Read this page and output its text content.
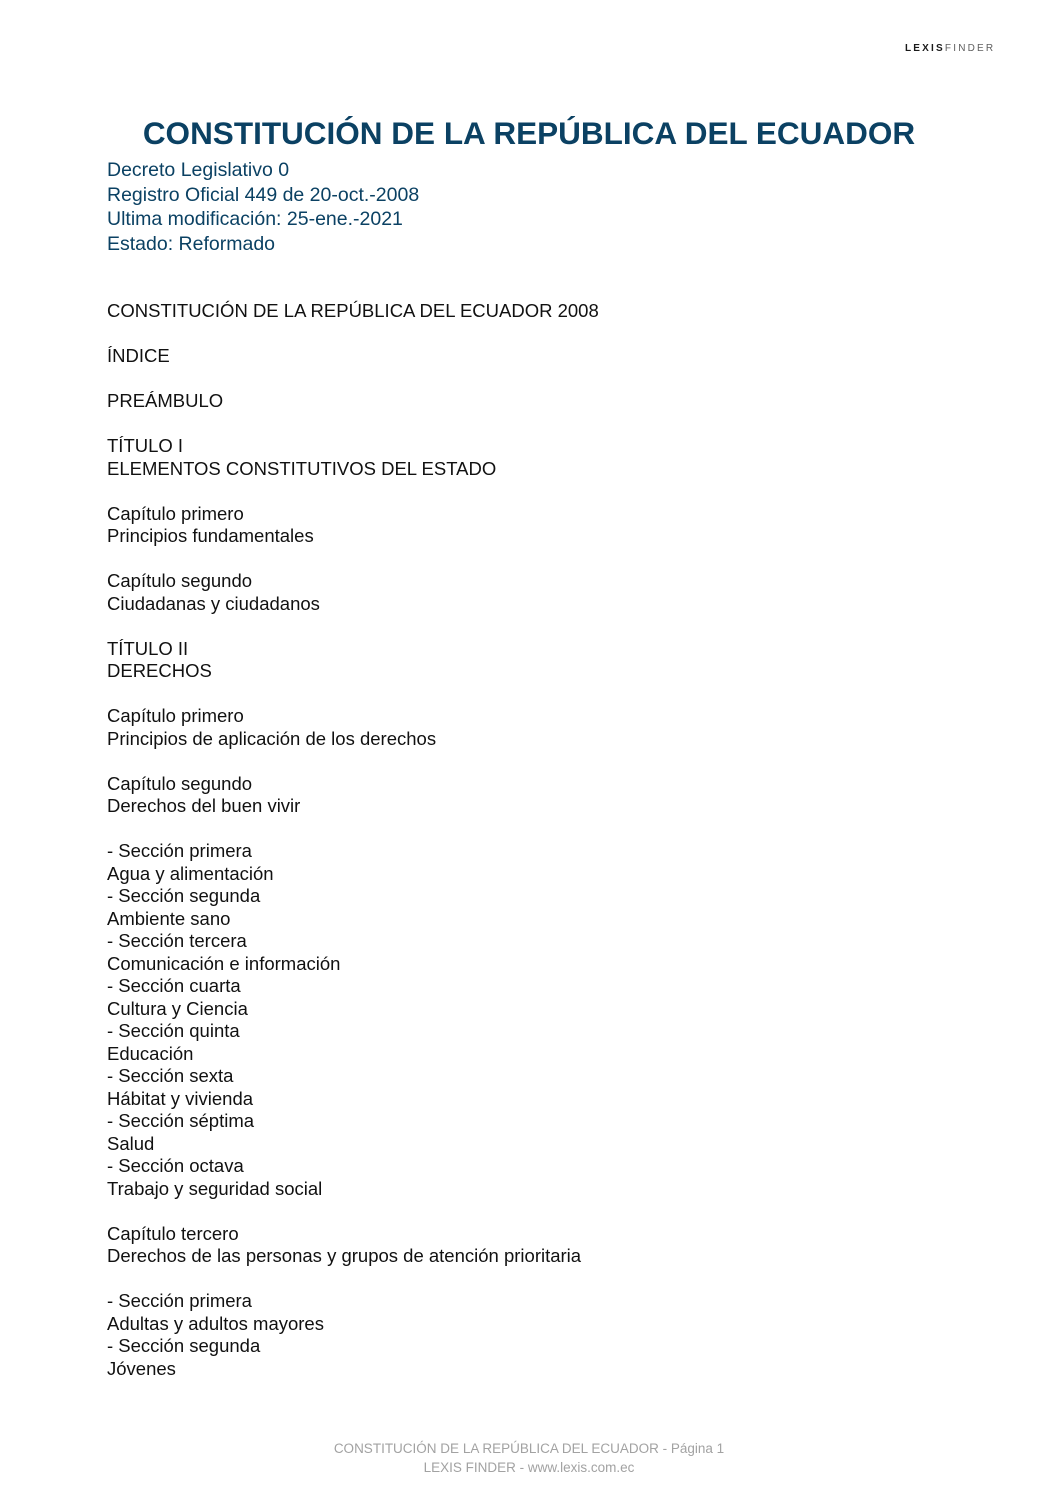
LEXISFINDER
CONSTITUCIÓN DE LA REPÚBLICA DEL ECUADOR
Decreto Legislativo 0
Registro Oficial 449 de 20-oct.-2008
Ultima modificación: 25-ene.-2021
Estado: Reformado
CONSTITUCIÓN DE LA REPÚBLICA DEL ECUADOR 2008
ÍNDICE
PREÁMBULO
TÍTULO I
ELEMENTOS CONSTITUTIVOS DEL ESTADO
Capítulo primero
Principios fundamentales
Capítulo segundo
Ciudadanas y ciudadanos
TÍTULO II
DERECHOS
Capítulo primero
Principios de aplicación de los derechos
Capítulo segundo
Derechos del buen vivir
- Sección primera
Agua y alimentación
- Sección segunda
Ambiente sano
- Sección tercera
Comunicación e información
- Sección cuarta
Cultura y Ciencia
- Sección quinta
Educación
- Sección sexta
Hábitat y vivienda
- Sección séptima
Salud
- Sección octava
Trabajo y seguridad social
Capítulo tercero
Derechos de las personas y grupos de atención prioritaria
- Sección primera
Adultas y adultos mayores
- Sección segunda
Jóvenes
CONSTITUCIÓN DE LA REPÚBLICA DEL ECUADOR - Página 1
LEXIS FINDER - www.lexis.com.ec
